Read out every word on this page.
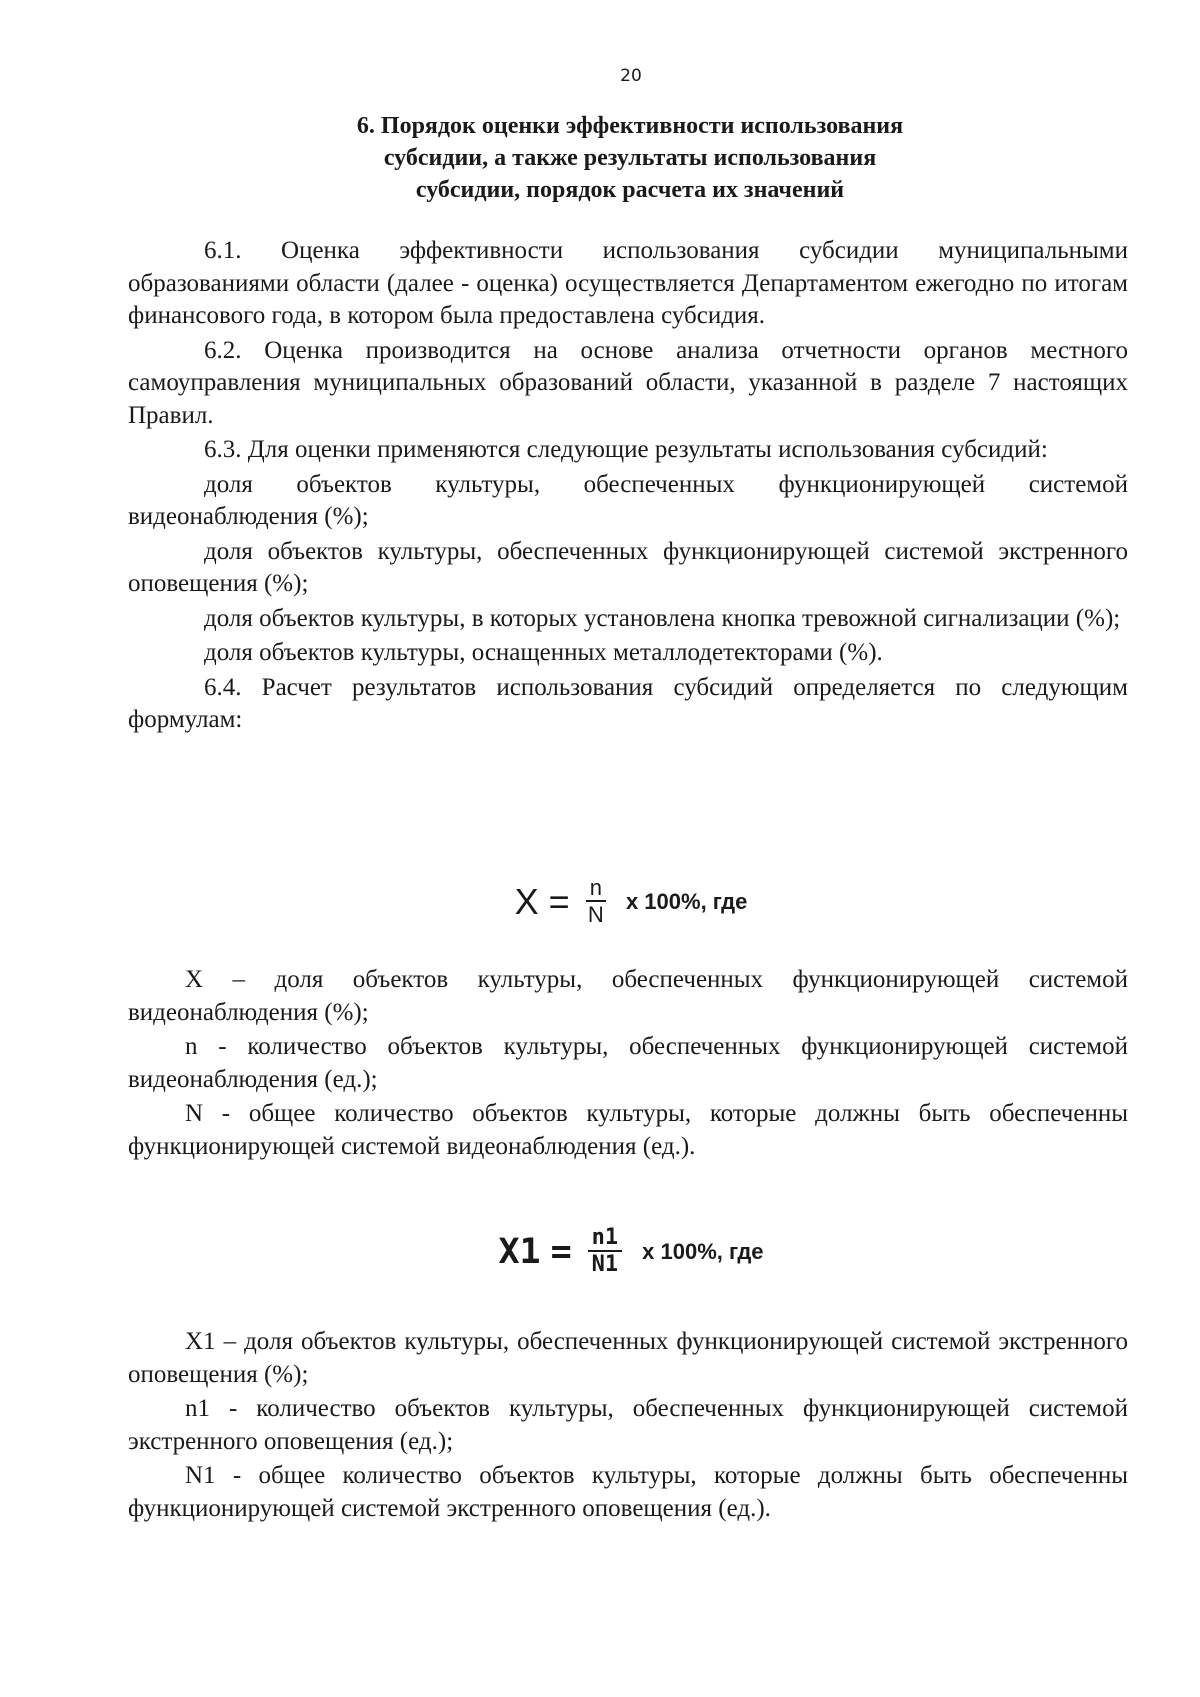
20
6. Порядок оценки эффективности использования
субсидии, а также результаты использования
субсидии, порядок расчета их значений

6.1. Оценка эффективности использования субсидии муниципальными образованиями области (далее - оценка) осуществляется Департаментом ежегодно по итогам финансового года, в котором была предоставлена субсидия.

6.2. Оценка производится на основе анализа отчетности органов местного самоуправления муниципальных образований области, указанной в разделе 7 настоящих Правил.

6.3. Для оценки применяются следующие результаты использования субсидий:

доля объектов культуры, обеспеченных функционирующей системой видеонаблюдения (%);

доля объектов культуры, обеспеченных функционирующей системой экстренного оповещения (%);

доля объектов культуры, в которых установлена кнопка тревожной сигнализации (%);

доля объектов культуры, оснащенных металлодетекторами (%).

6.4. Расчет результатов использования субсидий определяется по следующим формулам:

$X = \frac{n}{N}$ x 100%, где

X – доля объектов культуры, обеспеченных функционирующей системой видеонаблюдения (%);

n - количество объектов культуры, обеспеченных функционирующей системой видеонаблюдения (ед.);

N - общее количество объектов культуры, которые должны быть обеспеченны функционирующей системой видеонаблюдения (ед.).

$X1 = \frac{n1}{N1}$ x 100%, где

X1 – доля объектов культуры, обеспеченных функционирующей системой экстренного оповещения (%);

n1 - количество объектов культуры, обеспеченных функционирующей системой экстренного оповещения (ед.);

N1 - общее количество объектов культуры, которые должны быть обеспеченны функционирующей системой экстренного оповещения (ед.).
